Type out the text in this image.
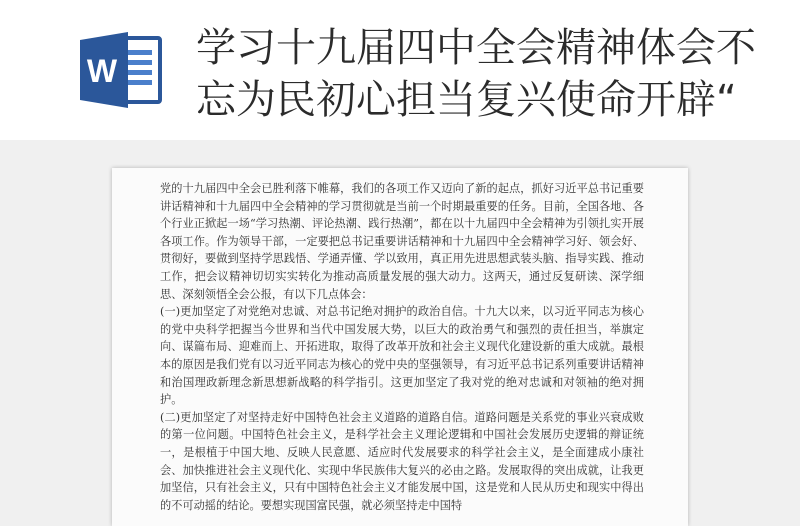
W 学习十九届四中全会精神体会不
忘为民初心担当复兴使命开辟“

党的十九届四中全会已胜利落下帷幕，我们的各项工作又迈向了新的起点，抓好习近平总书记重要讲话精神和十九届四中全会精神的学习贯彻就是当前一个时期最重要的任务。目前，全国各地、各个行业正掀起一场“学习热潮、评论热潮、践行热潮”，都在以十九届四中全会精神为引领扎实开展各项工作。作为领导干部，一定要把总书记重要讲话精神和十九届四中全会精神学习好、领会好、贯彻好，要做到坚持学思践悟、学通弄懂、学以致用，真正用先进思想武装头脑、指导实践、推动工作，把会议精神切切实实转化为推动高质量发展的强大动力。这两天，通过反复研读、深学细思、深刻领悟全会公报，有以下几点体会：

(一)更加坚定了对党绝对忠诚、对总书记绝对拥护的政治自信。十九大以来，以习近平同志为核心的党中央科学把握当今世界和当代中国发展大势，以巨大的政治勇气和强烈的责任担当，举旗定向、谋篇布局、迎难而上、开拓进取，取得了改革开放和社会主义现代化建设新的重大成就。最根本的原因是我们党有以习近平同志为核心的党中央的坚强领导，有习近平总书记系列重要讲话精神和治国理政新理念新思想新战略的科学指引。这更加坚定了我对党的绝对忠诚和对领袖的绝对拥护。

(二)更加坚定了对坚持走好中国特色社会主义道路的道路自信。道路问题是关系党的事业兴衰成败的第一位问题。中国特色社会主义，是科学社会主义理论逻辑和中国社会发展历史逻辑的辩证统一，是根植于中国大地、反映人民意愿、适应时代发展要求的科学社会主义，是全面建成小康社会、加快推进社会主义现代化、实现中华民族伟大复兴的必由之路。发展取得的突出成就，让我更加坚信，只有社会主义，只有中国特色社会主义才能发展中国，这是党和人民从历史和现实中得出的不可动摇的结论。要想实现国富民强，就必须坚持走中国特
